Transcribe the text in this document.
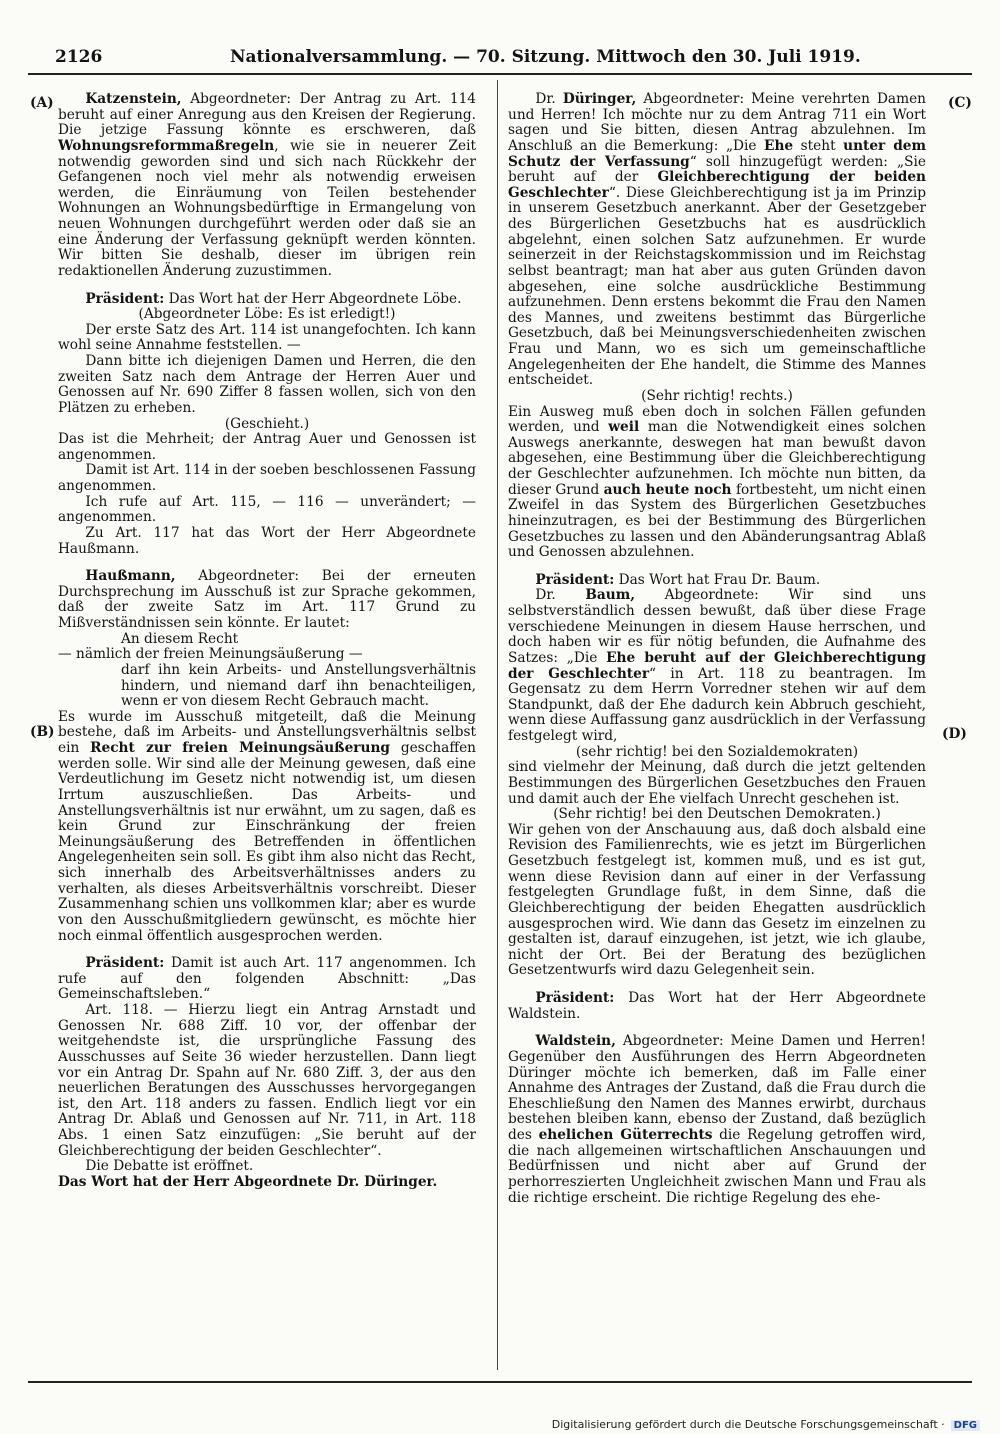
2126	Nationalversammlung. — 70. Sitzung. Mittwoch den 30. Juli 1919.
(A)
(B)
(C)
(D)

Katzenstein, Abgeordneter: Der Antrag zu Art. 114 beruht auf einer Anregung aus den Kreisen der Regierung. Die jetzige Fassung könnte es erschweren, daß Wohnungsreformmaßregeln, wie sie in neuerer Zeit notwendig geworden sind und sich nach Rückkehr der Gefangenen noch viel mehr als notwendig erweisen werden, die Einräumung von Teilen bestehender Wohnungen an Wohnungsbedürftige in Ermangelung von neuen Wohnungen durchgeführt werden oder daß sie an eine Änderung der Verfassung geknüpft werden könnten. Wir bitten Sie deshalb, dieser im übrigen rein redaktionellen Änderung zuzustimmen.

Präsident: Das Wort hat der Herr Abgeordnete Löbe.

(Abgeordneter Löbe: Es ist erledigt!)

Der erste Satz des Art. 114 ist unangefochten. Ich kann wohl seine Annahme feststellen. —

Dann bitte ich diejenigen Damen und Herren, die den zweiten Satz nach dem Antrage der Herren Auer und Genossen auf Nr. 690 Ziffer 8 fassen wollen, sich von den Plätzen zu erheben.

(Geschieht.)

Das ist die Mehrheit; der Antrag Auer und Genossen ist angenommen.

Damit ist Art. 114 in der soeben beschlossenen Fassung angenommen.

Ich rufe auf Art. 115, — 116 — unverändert; — angenommen.

Zu Art. 117 hat das Wort der Herr Abgeordnete Haußmann.

Haußmann, Abgeordneter: Bei der erneuten Durchsprechung im Ausschuß ist zur Sprache gekommen, daß der zweite Satz im Art. 117 Grund zu Mißverständnissen sein könnte. Er lautet:

An diesem Recht

— nämlich der freien Meinungsäußerung —

darf ihn kein Arbeits- und Anstellungsverhältnis hindern, und niemand darf ihn benachteiligen, wenn er von diesem Recht Gebrauch macht.

Es wurde im Ausschuß mitgeteilt, daß die Meinung bestehe, daß im Arbeits- und Anstellungsverhältnis selbst ein Recht zur freien Meinungsäußerung geschaffen werden solle. Wir sind alle der Meinung gewesen, daß eine Verdeutlichung im Gesetz nicht notwendig ist, um diesen Irrtum auszuschließen. Das Arbeits- und Anstellungsverhältnis ist nur erwähnt, um zu sagen, daß es kein Grund zur Einschränkung der freien Meinungsäußerung des Betreffenden in öffentlichen Angelegenheiten sein soll. Es gibt ihm also nicht das Recht, sich innerhalb des Arbeitsverhältnisses anders zu verhalten, als dieses Arbeitsverhältnis vorschreibt. Dieser Zusammenhang schien uns vollkommen klar; aber es wurde von den Ausschußmitgliedern gewünscht, es möchte hier noch einmal öffentlich ausgesprochen werden.

Präsident: Damit ist auch Art. 117 angenommen. Ich rufe auf den folgenden Abschnitt: „Das Gemeinschaftsleben.“

Art. 118. — Hierzu liegt ein Antrag Arnstadt und Genossen Nr. 688 Ziff. 10 vor, der offenbar der weitgehendste ist, die ursprüngliche Fassung des Ausschusses auf Seite 36 wieder herzustellen. Dann liegt vor ein Antrag Dr. Spahn auf Nr. 680 Ziff. 3, der aus den neuerlichen Beratungen des Ausschusses hervorgegangen ist, den Art. 118 anders zu fassen. Endlich liegt vor ein Antrag Dr. Ablaß und Genossen auf Nr. 711, in Art. 118 Abs. 1 einen Satz einzufügen: „Sie beruht auf der Gleichberechtigung der beiden Geschlechter“.

Die Debatte ist eröffnet.

Das Wort hat der Herr Abgeordnete Dr. Düringer.

Dr. Düringer, Abgeordneter: Meine verehrten Damen und Herren! Ich möchte nur zu dem Antrag 711 ein Wort sagen und Sie bitten, diesen Antrag abzulehnen. Im Anschluß an die Bemerkung: „Die Ehe steht unter dem Schutz der Verfassung“ soll hinzugefügt werden: „Sie beruht auf der Gleichberechtigung der beiden Geschlechter“. Diese Gleichberechtigung ist ja im Prinzip in unserem Gesetzbuch anerkannt. Aber der Gesetzgeber des Bürgerlichen Gesetzbuchs hat es ausdrücklich abgelehnt, einen solchen Satz aufzunehmen. Er wurde seinerzeit in der Reichstagskommission und im Reichstag selbst beantragt; man hat aber aus guten Gründen davon abgesehen, eine solche ausdrückliche Bestimmung aufzunehmen. Denn erstens bekommt die Frau den Namen des Mannes, und zweitens bestimmt das Bürgerliche Gesetzbuch, daß bei Meinungsverschiedenheiten zwischen Frau und Mann, wo es sich um gemeinschaftliche Angelegenheiten der Ehe handelt, die Stimme des Mannes entscheidet.

(Sehr richtig! rechts.)

Ein Ausweg muß eben doch in solchen Fällen gefunden werden, und weil man die Notwendigkeit eines solchen Auswegs anerkannte, deswegen hat man bewußt davon abgesehen, eine Bestimmung über die Gleichberechtigung der Geschlechter aufzunehmen. Ich möchte nun bitten, da dieser Grund auch heute noch fortbesteht, um nicht einen Zweifel in das System des Bürgerlichen Gesetzbuches hineinzutragen, es bei der Bestimmung des Bürgerlichen Gesetzbuches zu lassen und den Abänderungsantrag Ablaß und Genossen abzulehnen.

Präsident: Das Wort hat Frau Dr. Baum.

Dr. Baum, Abgeordnete: Wir sind uns selbstverständlich dessen bewußt, daß über diese Frage verschiedene Meinungen in diesem Hause herrschen, und doch haben wir es für nötig befunden, die Aufnahme des Satzes: „Die Ehe beruht auf der Gleichberechtigung der Geschlechter“ in Art. 118 zu beantragen. Im Gegensatz zu dem Herrn Vorredner stehen wir auf dem Standpunkt, daß der Ehe dadurch kein Abbruch geschieht, wenn diese Auffassung ganz ausdrücklich in der Verfassung festgelegt wird,

(sehr richtig! bei den Sozialdemokraten)

sind vielmehr der Meinung, daß durch die jetzt geltenden Bestimmungen des Bürgerlichen Gesetzbuches den Frauen und damit auch der Ehe vielfach Unrecht geschehen ist.

(Sehr richtig! bei den Deutschen Demokraten.)

Wir gehen von der Anschauung aus, daß doch alsbald eine Revision des Familienrechts, wie es jetzt im Bürgerlichen Gesetzbuch festgelegt ist, kommen muß, und es ist gut, wenn diese Revision dann auf einer in der Verfassung festgelegten Grundlage fußt, in dem Sinne, daß die Gleichberechtigung der beiden Ehegatten ausdrücklich ausgesprochen wird. Wie dann das Gesetz im einzelnen zu gestalten ist, darauf einzugehen, ist jetzt, wie ich glaube, nicht der Ort. Bei der Beratung des bezüglichen Gesetzentwurfs wird dazu Gelegenheit sein.

Präsident: Das Wort hat der Herr Abgeordnete Waldstein.

Waldstein, Abgeordneter: Meine Damen und Herren! Gegenüber den Ausführungen des Herrn Abgeordneten Düringer möchte ich bemerken, daß im Falle einer Annahme des Antrages der Zustand, daß die Frau durch die Eheschließung den Namen des Mannes erwirbt, durchaus bestehen bleiben kann, ebenso der Zustand, daß bezüglich des ehelichen Güterrechts die Regelung getroffen wird, die nach allgemeinen wirtschaftlichen Anschauungen und Bedürfnissen und nicht aber auf Grund der perhorreszierten Ungleichheit zwischen Mann und Frau als die richtige erscheint. Die richtige Regelung des ehe-

Digitalisierung gefördert durch die Deutsche Forschungsgemeinschaft · DFG
